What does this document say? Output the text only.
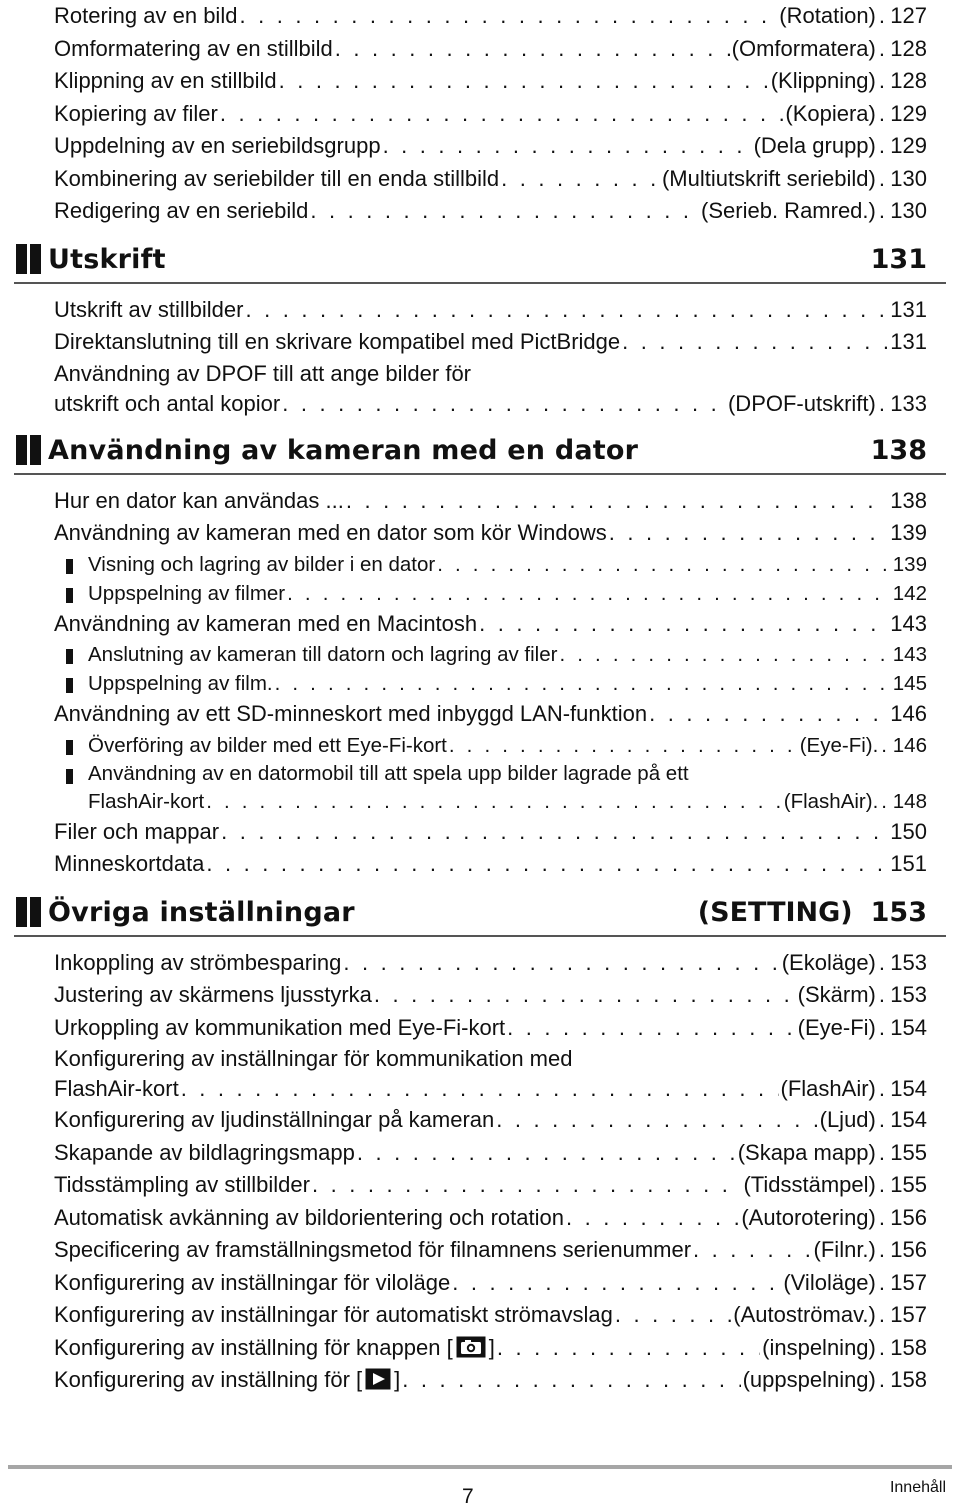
Rotering av en bild . . .	(Rotation) . 127
Omformatering av en stillbild . . .	(Omformatera) . 128
Klippning av en stillbild . . .	(Klippning) . 128
Kopiering av filer . . .	(Kopiera) . 129
Uppdelning av en seriebildsgrupp . . .	(Dela grupp) . 129
Kombinering av seriebilder till en enda stillbild . . .	(Multiutskrift seriebild) . 130
Redigering av en seriebild . . .	(Serieb. Ramred.) . 130
Utskrift	131
Utskrift av stillbilder . . .	131
Direktanslutning till en skrivare kompatibel med PictBridge . . .	131
Användning av DPOF till att ange bilder för
utskrift och antal kopior . . .	(DPOF-utskrift) . 133
Användning av kameran med en dator	138
Hur en dator kan användas ... . . .	138
Användning av kameran med en dator som kör Windows . . .	139
Visning och lagring av bilder i en dator . . .	139
Uppspelning av filmer . . .	142
Användning av kameran med en Macintosh . . .	143
Anslutning av kameran till datorn och lagring av filer . . .	143
Uppspelning av film. . . .	145
Användning av ett SD-minneskort med inbyggd LAN-funktion . . .	146
Överföring av bilder med ett Eye-Fi-kort . . .	(Eye-Fi). . 146
Användning av en datormobil till att spela upp bilder lagrade på ett
FlashAir-kort . . .	(FlashAir). . 148
Filer och mappar . . .	150
Minneskortdata . . .	151
Övriga inställningar	(SETTING) 153
Inkoppling av strömbesparing . . .	(Ekoläge) . 153
Justering av skärmens ljusstyrka . . .	(Skärm) . 153
Urkoppling av kommunikation med Eye-Fi-kort . . .	(Eye-Fi) . 154
Konfigurering av inställningar för kommunikation med
FlashAir-kort . . .	(FlashAir) . 154
Konfigurering av ljudinställningar på kameran . . .	(Ljud) . 154
Skapande av bildlagringsmapp . . .	(Skapa mapp) . 155
Tidsstämpling av stillbilder . . .	(Tidsstämpel) . 155
Automatisk avkänning av bildorientering och rotation . . .	(Autorotering) . 156
Specificering av framställningsmetod för filnamnens serienummer . . .	(Filnr.) . 156
Konfigurering av inställningar för viloläge . . .	(Viloläge) . 157
Konfigurering av inställningar för automatiskt strömavslag . . .	(Autoströmav.) . 157
Konfigurering av inställning för knappen [ ] . . .	(inspelning) . 158
Konfigurering av inställning för [ ] . . .	(uppspelning) . 158
7	Innehåll
